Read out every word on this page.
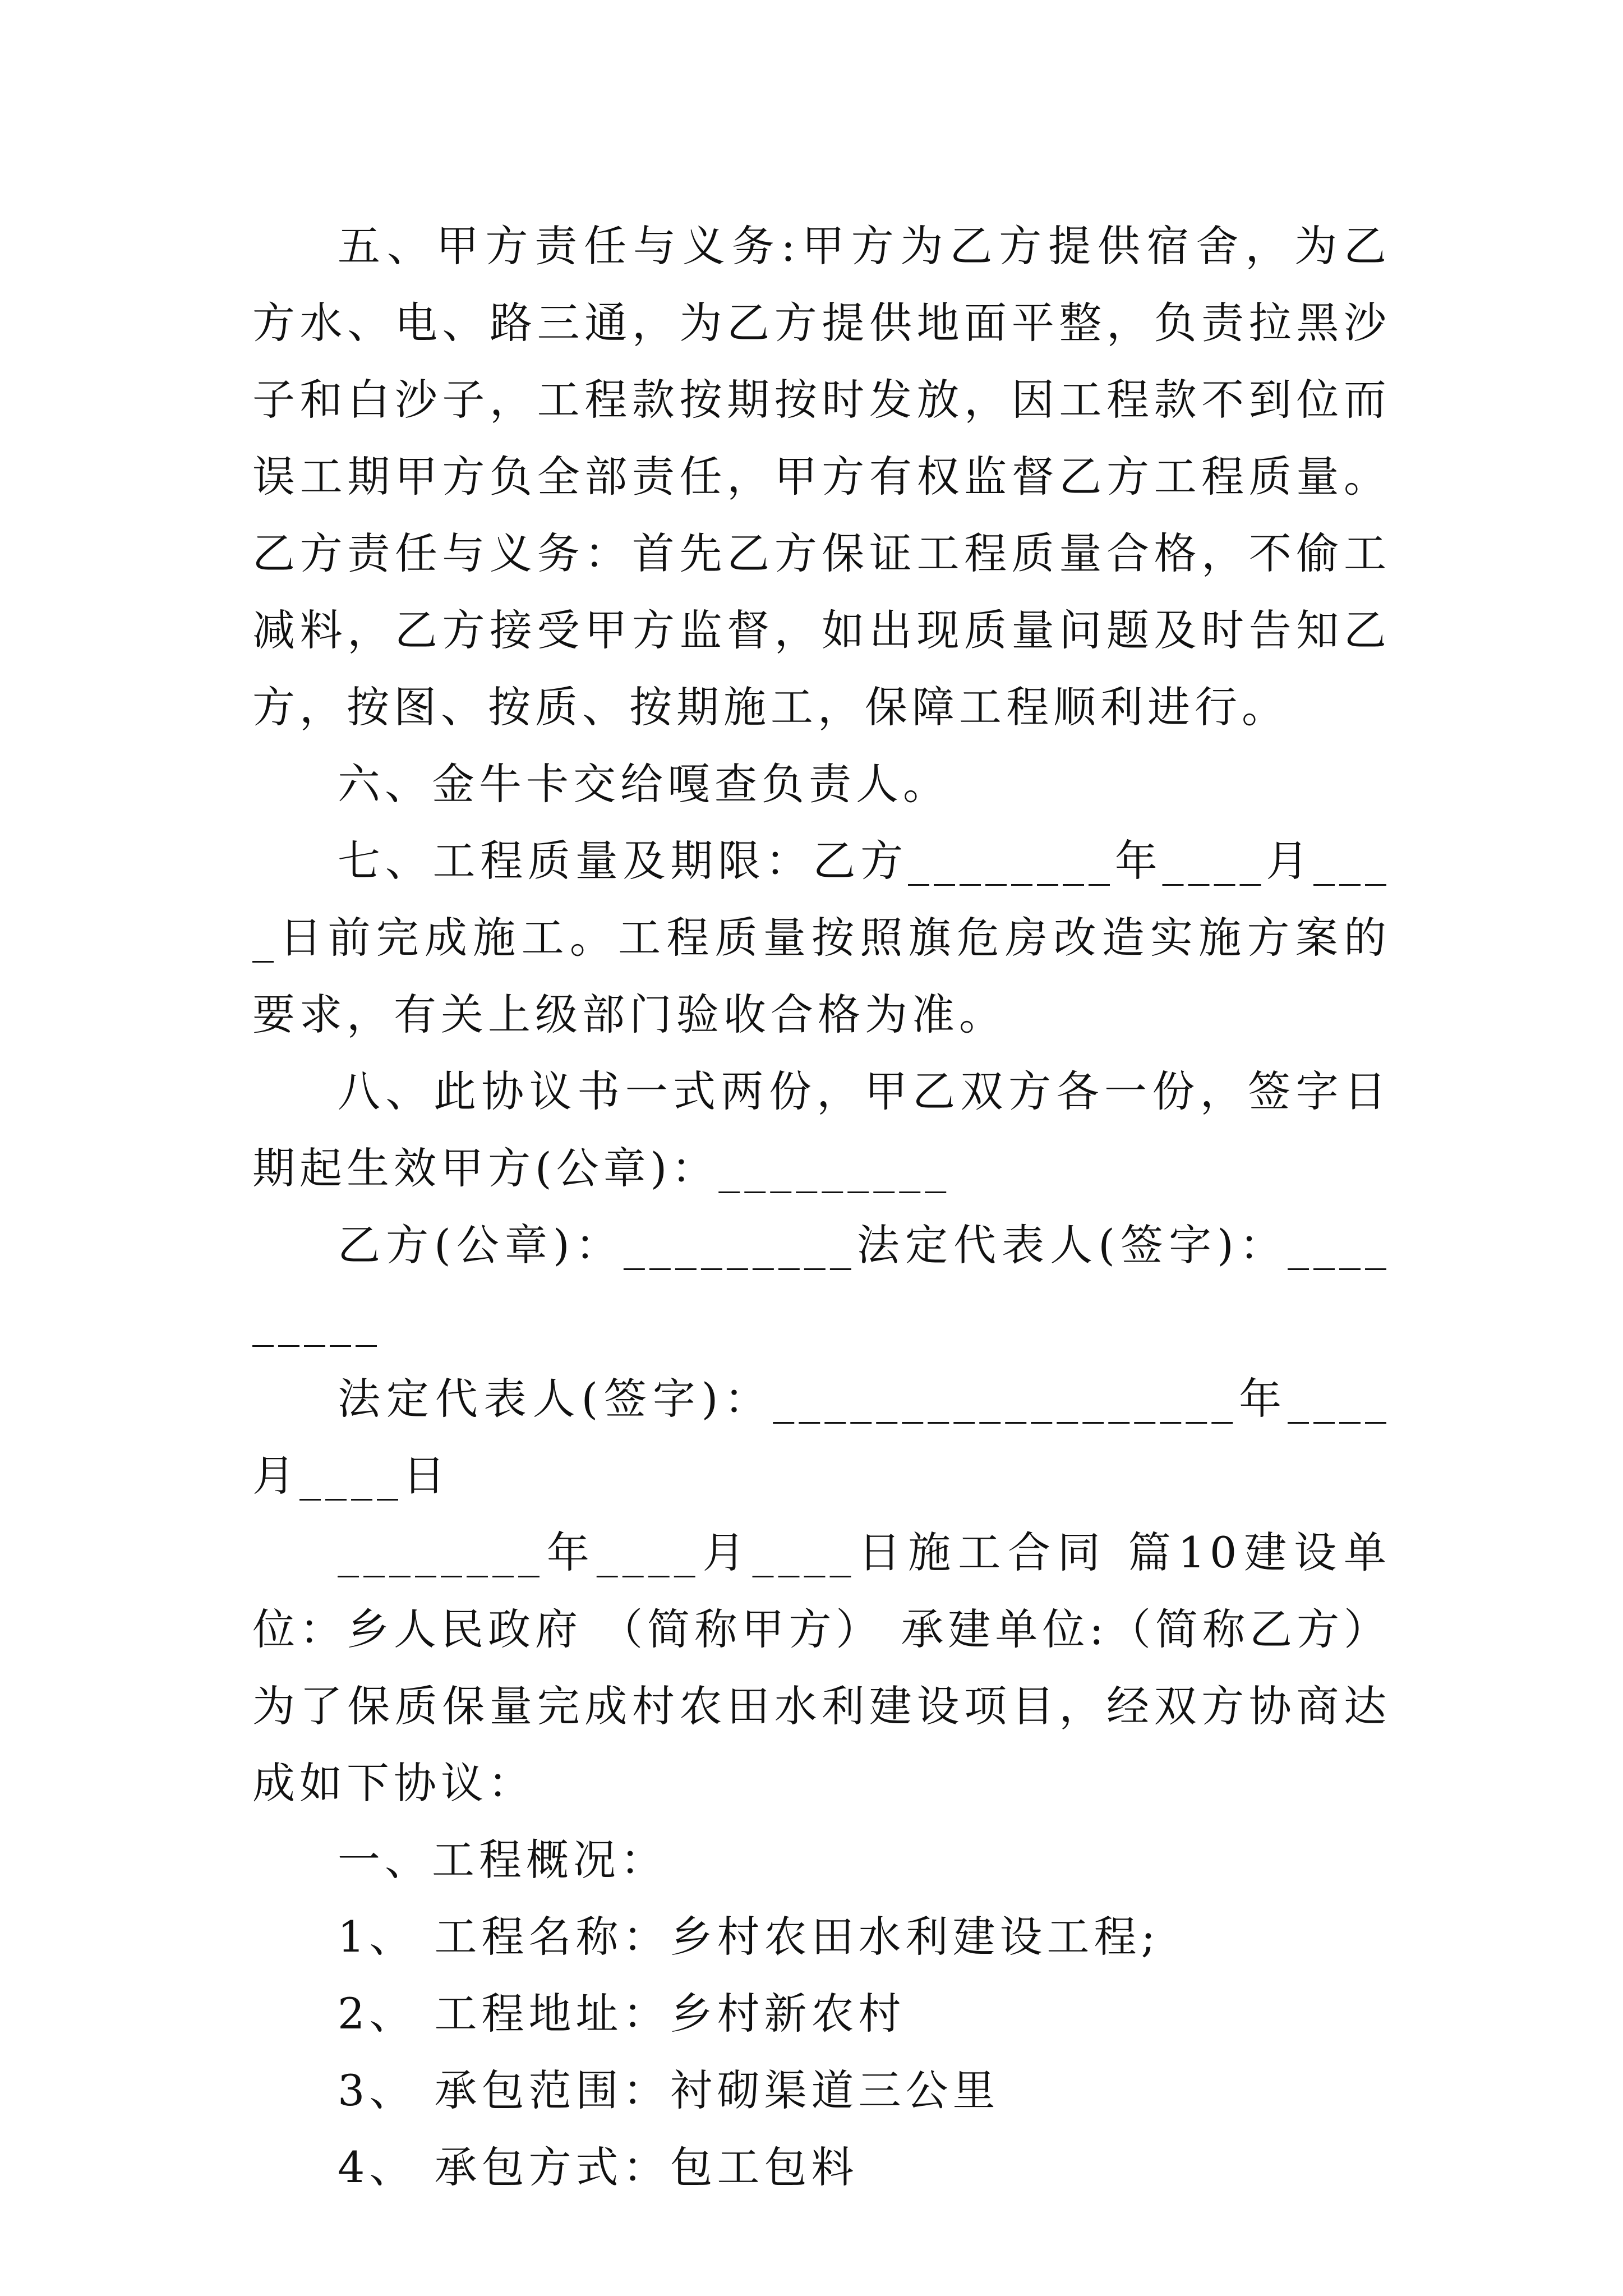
五、甲方责任与义务:甲方为乙方提供宿舍，为乙方水、电、路三通，为乙方提供地面平整，负责拉黑沙子和白沙子，工程款按期按时发放，因工程款不到位而误工期甲方负全部责任，甲方有权监督乙方工程质量。乙方责任与义务：首先乙方保证工程质量合格，不偷工减料，乙方接受甲方监督，如出现质量问题及时告知乙方，按图、按质、按期施工，保障工程顺利进行。

六、金牛卡交给嘎查负责人。

七、工程质量及期限：乙方________年____月____日前完成施工。工程质量按照旗危房改造实施方案的要求，有关上级部门验收合格为准。

八、此协议书一式两份，甲乙双方各一份，签字日期起生效甲方(公章)：_________

乙方(公章)：_________法定代表人(签字)：_________

法定代表人(签字)：__________________年____月____日

________年____月____日施工合同 篇10建设单位：乡人民政府 （简称甲方） 承建单位:（简称乙方） 为了保质保量完成村农田水利建设项目，经双方协商达成如下协议：

一、工程概况：

1、 工程名称：乡村农田水利建设工程;

2、 工程地址：乡村新农村

3、 承包范围：衬砌渠道三公里

4、 承包方式：包工包料
